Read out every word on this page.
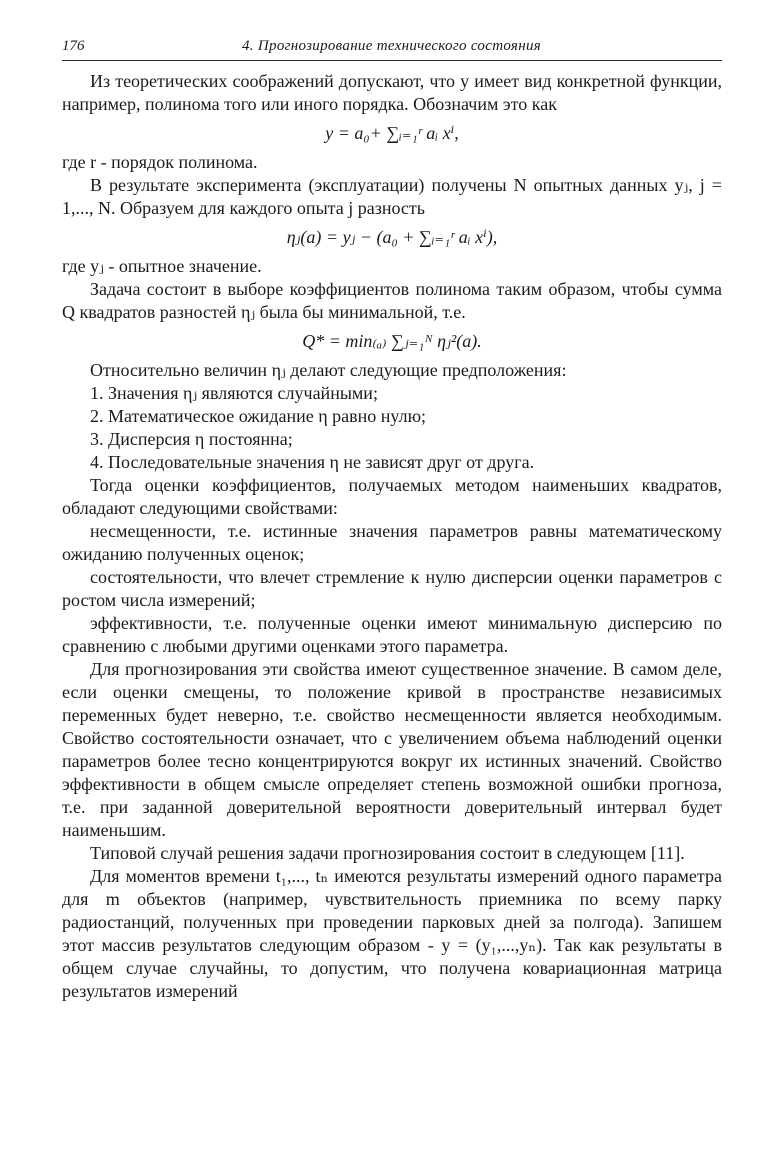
176	4. Прогнозирование технического состояния

Из теоретических соображений допускают, что y имеет вид конкретной функции, например, полинома того или иного порядка. Обозначим это как

y = a₀+ ∑ᵢ₌₁ʳ aᵢ xⁱ,

где r - порядок полинома.

В результате эксперимента (эксплуатации) получены N опытных данных yⱼ, j = 1,..., N. Образуем для каждого опыта j разность

ηⱼ(a) = yⱼ − (a₀ + ∑ᵢ₌₁ʳ aᵢ xⁱ),

где yⱼ - опытное значение.

Задача состоит в выборе коэффициентов полинома таким образом, чтобы сумма Q квадратов разностей ηⱼ была бы минимальной, т.е.

Q* = min₍ₐ₎ ∑ⱼ₌₁ᴺ ηⱼ²(a).

Относительно величин ηⱼ делают следующие предположения:

1. Значения ηⱼ являются случайными;

2. Математическое ожидание η равно нулю;

3. Дисперсия η постоянна;

4. Последовательные значения η не зависят друг от друга.

Тогда оценки коэффициентов, получаемых методом наименьших квадратов, обладают следующими свойствами:

несмещенности, т.е. истинные значения параметров равны математическому ожиданию полученных оценок;

состоятельности, что влечет стремление к нулю дисперсии оценки параметров с ростом числа измерений;

эффективности, т.е. полученные оценки имеют минимальную дисперсию по сравнению с любыми другими оценками этого параметра.

Для прогнозирования эти свойства имеют существенное значение. В самом деле, если оценки смещены, то положение кривой в пространстве независимых переменных будет неверно, т.е. свойство несмещенности является необходимым. Свойство состоятельности означает, что с увеличением объема наблюдений оценки параметров более тесно концентрируются вокруг их истинных значений. Свойство эффективности в общем смысле определяет степень возможной ошибки прогноза, т.е. при заданной доверительной вероятности доверительный интервал будет наименьшим.

Типовой случай решения задачи прогнозирования состоит в следующем [11].

Для моментов времени t₁,..., tₙ имеются результаты измерений одного параметра для m объектов (например, чувствительность приемника по всему парку радиостанций, полученных при проведении парковых дней за полгода). Запишем этот массив результатов следующим образом - y = (y₁,...,yₙ). Так как результаты в общем случае случайны, то допустим, что получена ковариационная матрица результатов измерений
